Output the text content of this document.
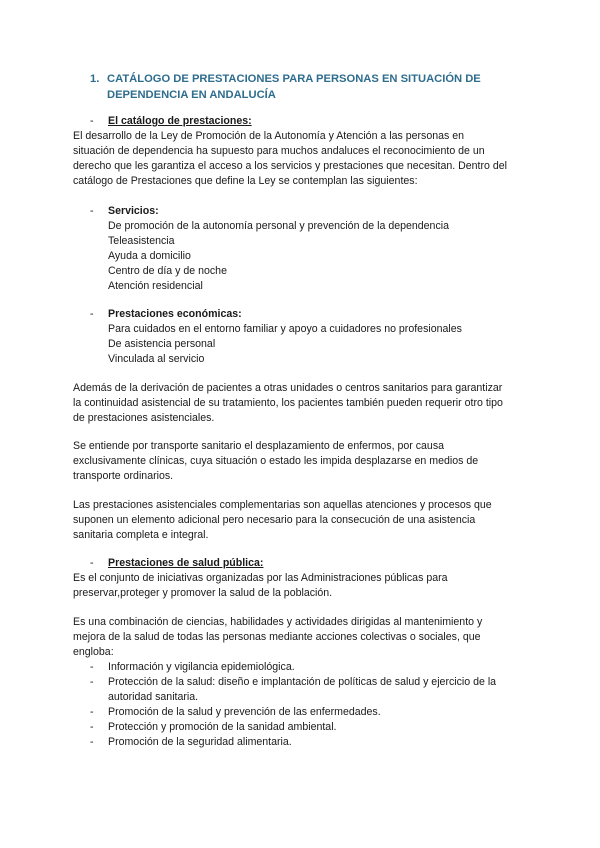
1. CATÁLOGO DE PRESTACIONES PARA PERSONAS EN SITUACIÓN DE DEPENDENCIA EN ANDALUCÍA
- El catálogo de prestaciones:
El desarrollo de la Ley de Promoción de la Autonomía y Atención a las personas en
situación de dependencia ha supuesto para muchos andaluces el reconocimiento de un
derecho que les garantiza el acceso a los servicios y prestaciones que necesitan. Dentro del
catálogo de Prestaciones que define la Ley se contemplan las siguientes:
- Servicios:
De promoción de la autonomía personal y prevención de la dependencia
Teleasistencia
Ayuda a domicilio
Centro de día y de noche
Atención residencial
- Prestaciones económicas:
Para cuidados en el entorno familiar y apoyo a cuidadores no profesionales
De asistencia personal
Vinculada al servicio
Además de la derivación de pacientes a otras unidades o centros sanitarios para garantizar
la continuidad asistencial de su tratamiento, los pacientes también pueden requerir otro tipo
de prestaciones asistenciales.
Se entiende por transporte sanitario el desplazamiento de enfermos, por causa
exclusivamente clínicas, cuya situación o estado les impida desplazarse en medios de
transporte ordinarios.
Las prestaciones asistenciales complementarias son aquellas atenciones y procesos que
suponen un elemento adicional pero necesario para la consecución de una asistencia
sanitaria completa e integral.
- Prestaciones de salud pública:
Es el conjunto de iniciativas organizadas por las Administraciones públicas para
preservar,proteger y promover la salud de la población.
Es una combinación de ciencias, habilidades y actividades dirigidas al mantenimiento y
mejora de la salud de todas las personas mediante acciones colectivas o sociales, que
engloba:
- Información y vigilancia epidemiológica.
- Protección de la salud: diseño e implantación de políticas de salud y ejercicio de la
autoridad sanitaria.
- Promoción de la salud y prevención de las enfermedades.
- Protección y promoción de la sanidad ambiental.
- Promoción de la seguridad alimentaria.
